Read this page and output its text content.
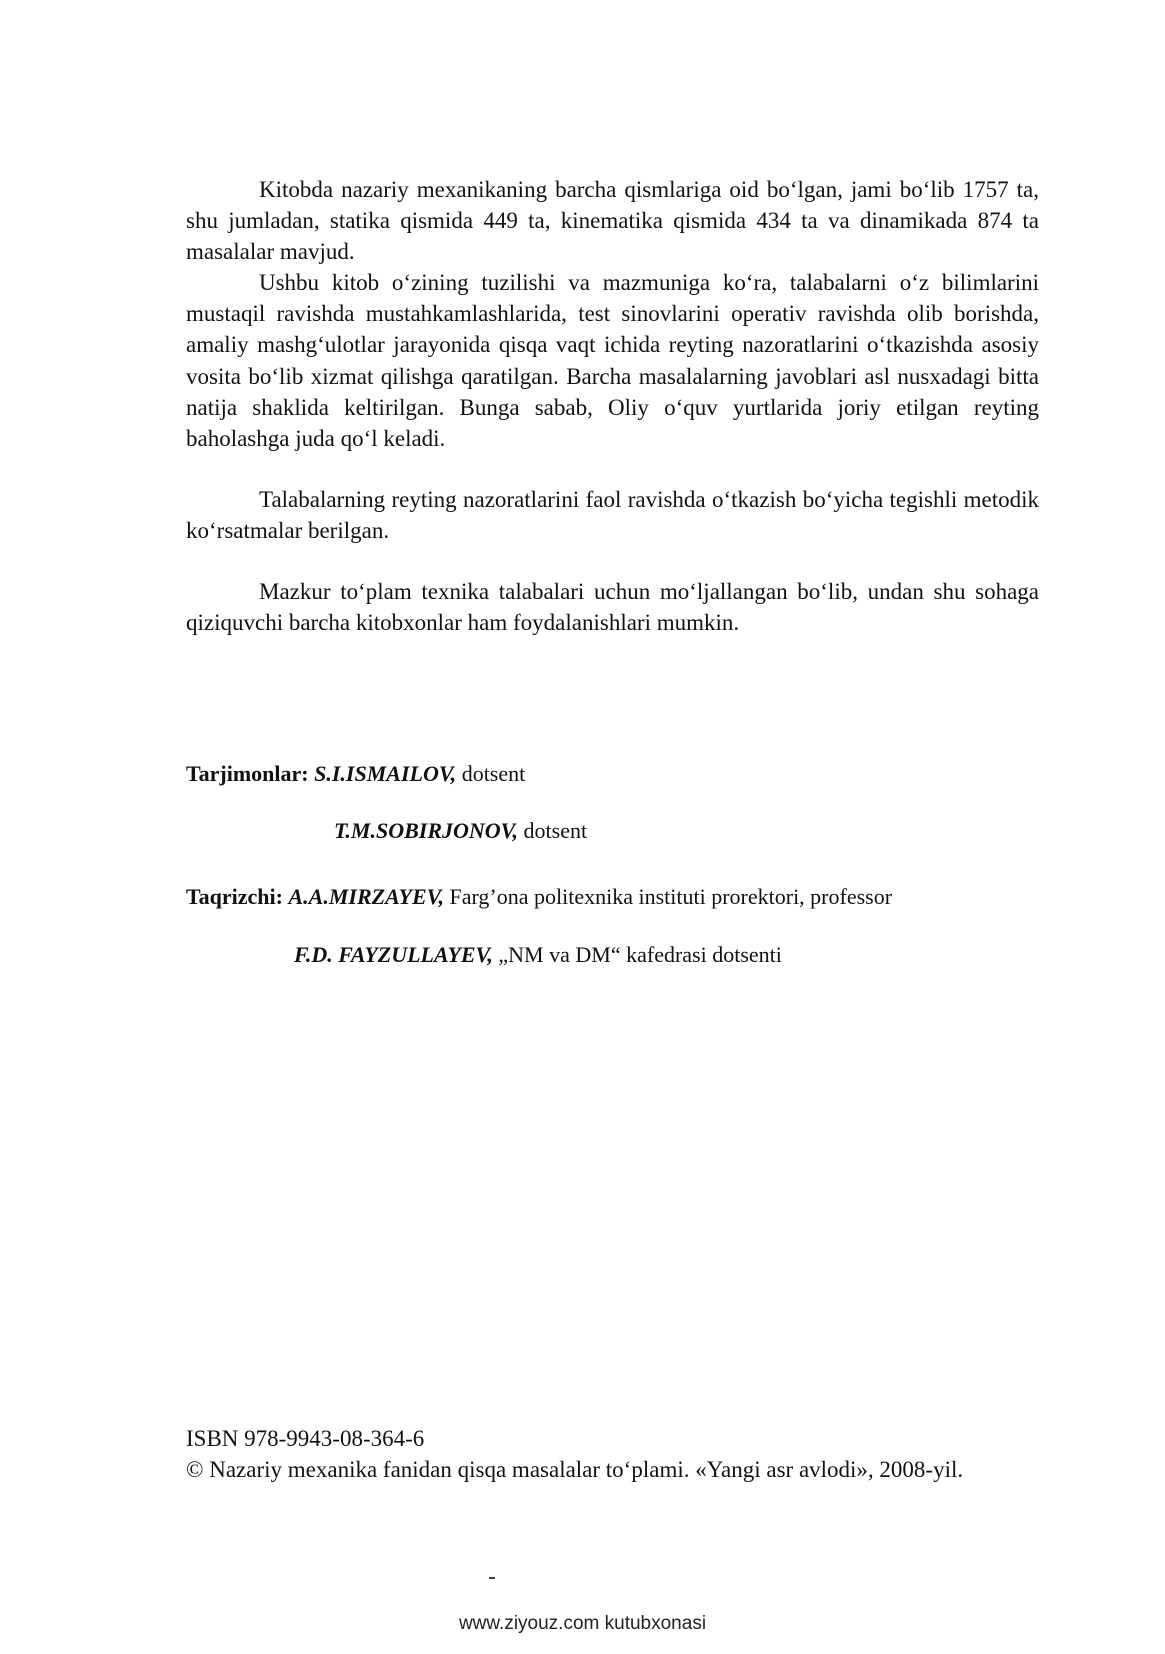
Kitobda nazariy mexanikaning barcha qismlariga oid bo‘lgan, jami bo‘lib 1757 ta, shu jumladan, statika qismida 449 ta, kinematika qismida 434 ta va dinamikada 874 ta masalalar mavjud.

Ushbu kitob o‘zining tuzilishi va mazmuniga ko‘ra, talabalarni o‘z bilimlarini mustaqil ravishda mustahkamlashlarida, test sinovlarini operativ ravishda olib borishda, amaliy mashg‘ulotlar jarayonida qisqa vaqt ichida reyting nazoratlarini o‘tkazishda asosiy vosita bo‘lib xizmat qilishga qaratilgan. Barcha masalalarning javoblari asl nusxadagi bitta natija shaklida keltirilgan. Bunga sabab, Oliy o‘quv yurtlarida joriy etilgan reyting baholashga juda qo‘l keladi.

Talabalarning reyting nazoratlarini faol ravishda o‘tkazish bo‘yicha tegishli metodik ko‘rsatmalar berilgan.

Mazkur to‘plam texnika talabalari uchun mo‘ljallangan bo‘lib, undan shu sohaga qiziquvchi barcha kitobxonlar ham foydalanishlari mumkin.

Tarjimonlar: S.I.ISMAILOV, dotsent
T.M.SOBIRJONOV, dotsent
Taqrizchi: A.A.MIRZAYEV, Farg’ona politexnika instituti prorektori, professor
F.D. FAYZULLAYEV, „NM va DM“ kafedrasi dotsenti

ISBN 978-9943-08-364-6

© Nazariy mexanika fanidan qisqa masalalar to‘plami. «Yangi asr avlodi», 2008-yil.

www.ziyouz.com kutubxonasi
